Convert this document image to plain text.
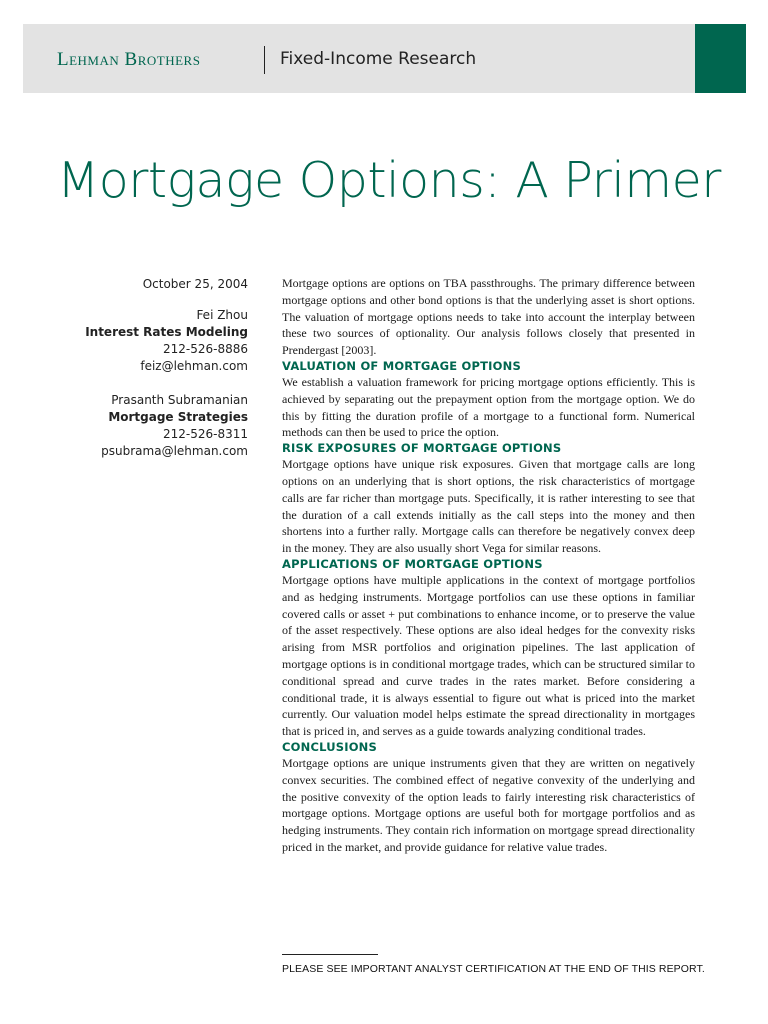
Lehman Brothers	Fixed-Income Research
Mortgage Options: A Primer
October 25, 2004
Fei Zhou
Interest Rates Modeling
212-526-8886
feiz@lehman.com
Prasanth Subramanian
Mortgage Strategies
212-526-8311
psubrama@lehman.com

Mortgage options are options on TBA passthroughs. The primary difference between mortgage options and other bond options is that the underlying asset is short options. The valuation of mortgage options needs to take into account the interplay between these two sources of optionality. Our analysis follows closely that presented in Prendergast [2003].

VALUATION OF MORTGAGE OPTIONS

We establish a valuation framework for pricing mortgage options efficiently. This is achieved by separating out the prepayment option from the mortgage option. We do this by fitting the duration profile of a mortgage to a functional form. Numerical methods can then be used to price the option.

RISK EXPOSURES OF MORTGAGE OPTIONS

Mortgage options have unique risk exposures. Given that mortgage calls are long options on an underlying that is short options, the risk characteristics of mortgage calls are far richer than mortgage puts. Specifically, it is rather interesting to see that the duration of a call extends initially as the call steps into the money and then shortens into a further rally. Mortgage calls can therefore be negatively convex deep in the money. They are also usually short Vega for similar reasons.

APPLICATIONS OF MORTGAGE OPTIONS

Mortgage options have multiple applications in the context of mortgage portfolios and as hedging instruments. Mortgage portfolios can use these options in familiar covered calls or asset + put combinations to enhance income, or to preserve the value of the asset respectively. These options are also ideal hedges for the convexity risks arising from MSR portfolios and origination pipelines. The last application of mortgage options is in conditional mortgage trades, which can be structured similar to conditional spread and curve trades in the rates market. Before considering a conditional trade, it is always essential to figure out what is priced into the market currently. Our valuation model helps estimate the spread directionality in mortgages that is priced in, and serves as a guide towards analyzing conditional trades.

CONCLUSIONS

Mortgage options are unique instruments given that they are written on negatively convex securities. The combined effect of negative convexity of the underlying and the positive convexity of the option leads to fairly interesting risk characteristics of mortgage options. Mortgage options are useful both for mortgage portfolios and as hedging instruments. They contain rich information on mortgage spread directionality priced in the market, and provide guidance for relative value trades.

PLEASE SEE IMPORTANT ANALYST CERTIFICATION AT THE END OF THIS REPORT.
